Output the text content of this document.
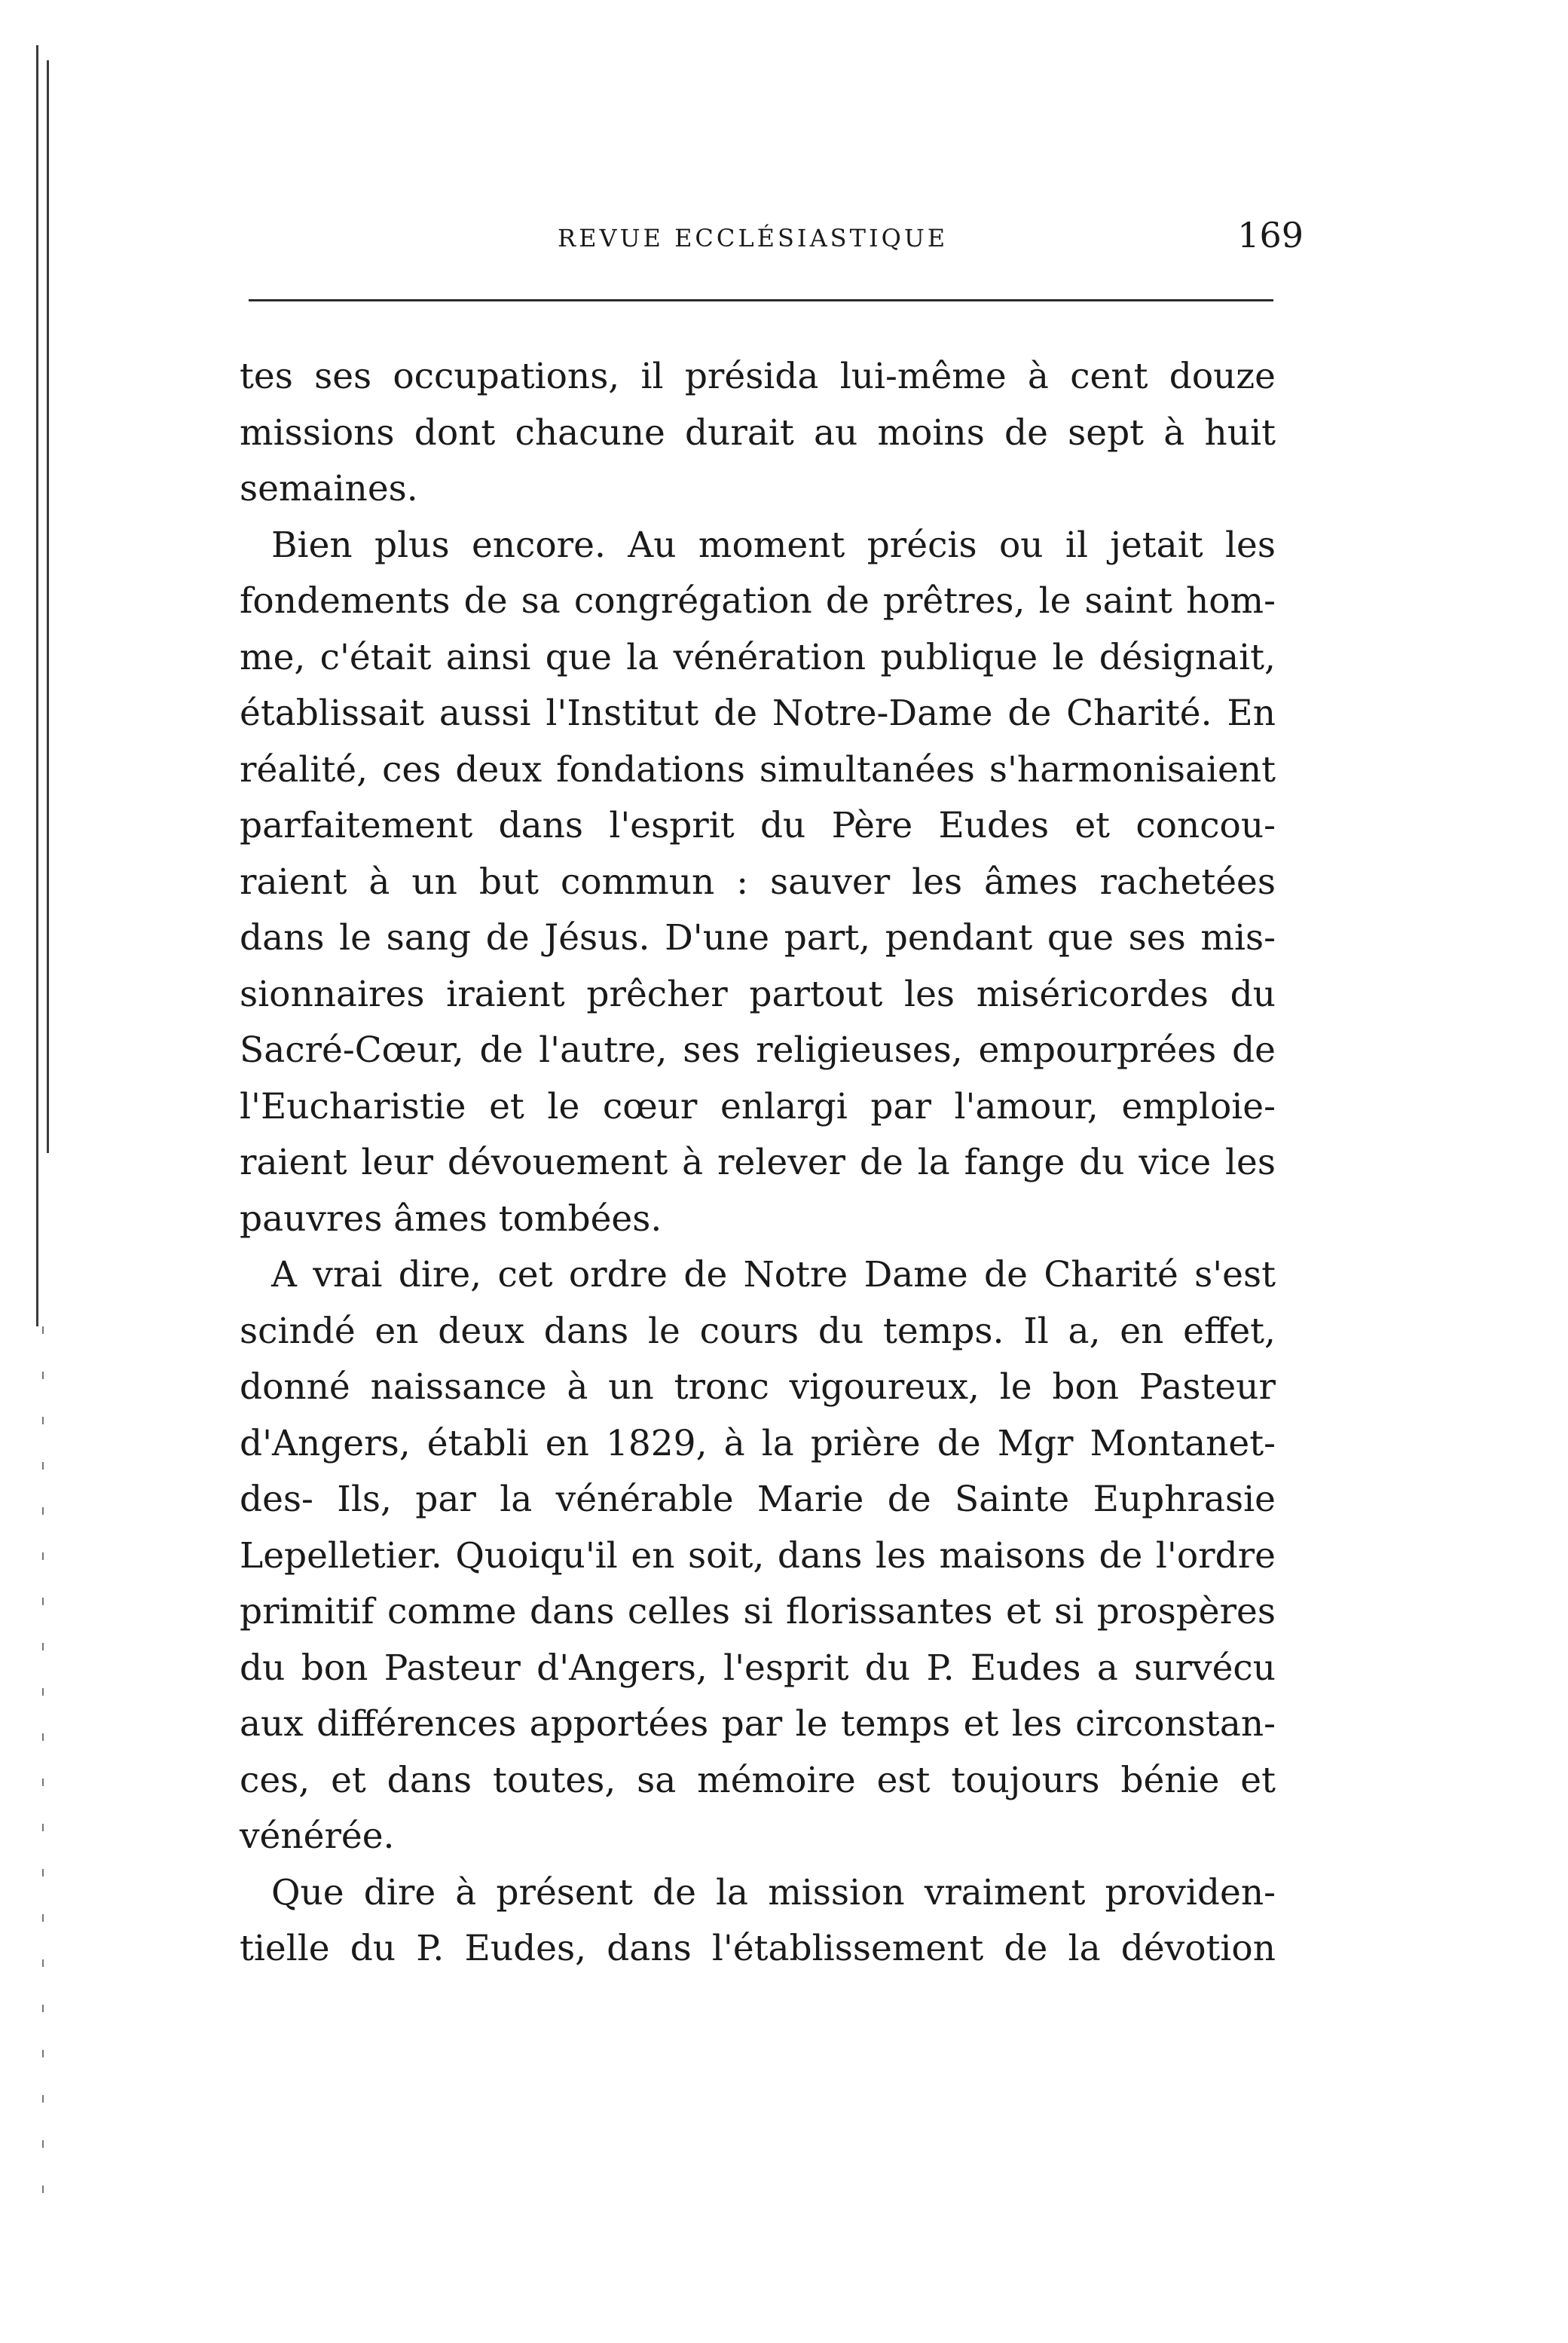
REVUE ECCLÉSIASTIQUE	169
tes ses occupations, il présida lui-même à cent douze
missions dont chacune durait au moins de sept à huit
semaines.
Bien plus encore. Au moment précis ou il jetait les
fondements de sa congrégation de prêtres, le saint hom-
me, c'était ainsi que la vénération publique le désignait,
établissait aussi l'Institut de Notre-Dame de Charité. En
réalité, ces deux fondations simultanées s'harmonisaient
parfaitement dans l'esprit du Père Eudes et concou-
raient à un but commun : sauver les âmes rachetées
dans le sang de Jésus. D'une part, pendant que ses mis-
sionnaires iraient prêcher partout les miséricordes du
Sacré-Cœur, de l'autre, ses religieuses, empourprées de
l'Eucharistie et le cœur enlargi par l'amour, emploie-
raient leur dévouement à relever de la fange du vice les
pauvres âmes tombées.
A vrai dire, cet ordre de Notre Dame de Charité s'est
scindé en deux dans le cours du temps. Il a, en effet,
donné naissance à un tronc vigoureux, le bon Pasteur
d'Angers, établi en 1829, à la prière de Mgr Montanet-
des- Ils, par la vénérable Marie de Sainte Euphrasie
Lepelletier. Quoiqu'il en soit, dans les maisons de l'ordre
primitif comme dans celles si florissantes et si prospères
du bon Pasteur d'Angers, l'esprit du P. Eudes a survécu
aux différences apportées par le temps et les circonstan-
ces, et dans toutes, sa mémoire est toujours bénie et
vénérée.
Que dire à présent de la mission vraiment providen-
tielle du P. Eudes, dans l'établissement de la dévotion
